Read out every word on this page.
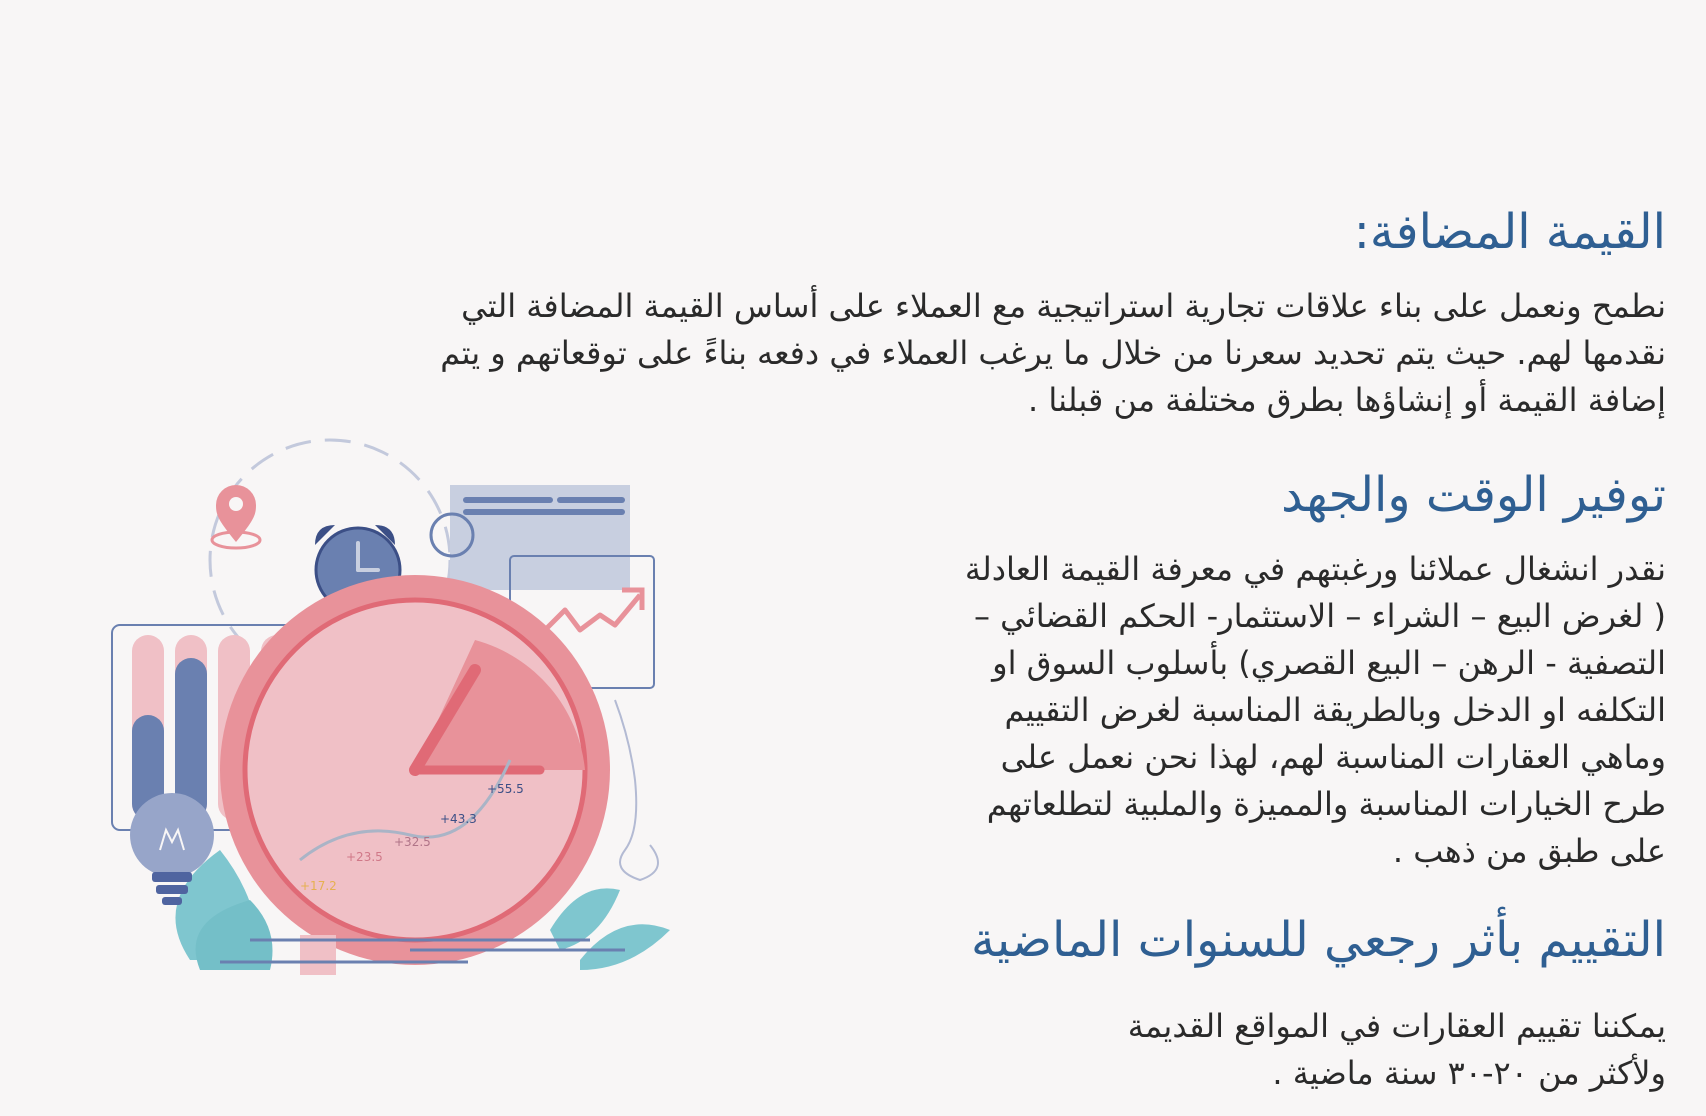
القيمة المضافة:
نطمح ونعمل على بناء علاقات تجارية استراتيجية مع العملاء على أساس القيمة المضافة التي
نقدمها لهم. حيث يتم تحديد سعرنا من خلال ما يرغب العملاء في دفعه بناءً على توقعاتهم و يتم
إضافة القيمة أو إنشاؤها بطرق مختلفة من قبلنا .
توفير الوقت والجهد
نقدر انشغال عملائنا ورغبتهم في معرفة القيمة العادلة
( لغرض البيع – الشراء – الاستثمار- الحكم القضائي –
التصفية - الرهن – البيع القصري) بأسلوب السوق او
التكلفه او الدخل وبالطريقة المناسبة لغرض التقييم
وماهي العقارات المناسبة لهم، لهذا نحن نعمل على
طرح الخيارات المناسبة والمميزة والملبية لتطلعاتهم
على طبق من ذهب .
التقييم بأثر رجعي للسنوات الماضية
يمكننا تقييم العقارات في المواقع القديمة
ولأكثر من ٢٠-٣٠ سنة ماضية .
+55.5
+43.3
+32.5
+23.5
+17.2
